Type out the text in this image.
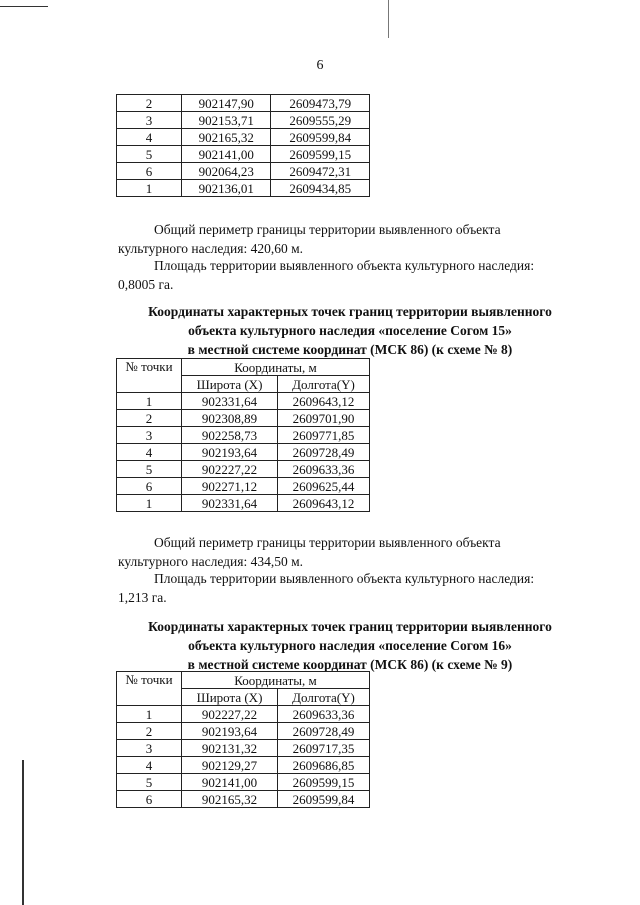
6
2	902147,90	2609473,79
3	902153,71	2609555,29
4	902165,32	2609599,84
5	902141,00	2609599,15
6	902064,23	2609472,31
1	902136,01	2609434,85
Общий периметр границы территории выявленного объекта
культурного наследия: 420,60 м.
Площадь территории выявленного объекта культурного наследия:
0,8005 га.
Координаты характерных точек границ территории выявленного
объекта культурного наследия «поселение Согом 15»
в местной системе координат (МСК 86) (к схеме № 8)
№ точки	Координаты, м	
	Широта (X)	Долгота(Y)
1	902331,64	2609643,12
2	902308,89	2609701,90
3	902258,73	2609771,85
4	902193,64	2609728,49
5	902227,22	2609633,36
6	902271,12	2609625,44
1	902331,64	2609643,12
Общий периметр границы территории выявленного объекта
культурного наследия: 434,50 м.
Площадь территории выявленного объекта культурного наследия:
1,213 га.
Координаты характерных точек границ территории выявленного
объекта культурного наследия «поселение Согом 16»
в местной системе координат (МСК 86) (к схеме № 9)
№ точки	Координаты, м	
	Широта (X)	Долгота(Y)
1	902227,22	2609633,36
2	902193,64	2609728,49
3	902131,32	2609717,35
4	902129,27	2609686,85
5	902141,00	2609599,15
6	902165,32	2609599,84
